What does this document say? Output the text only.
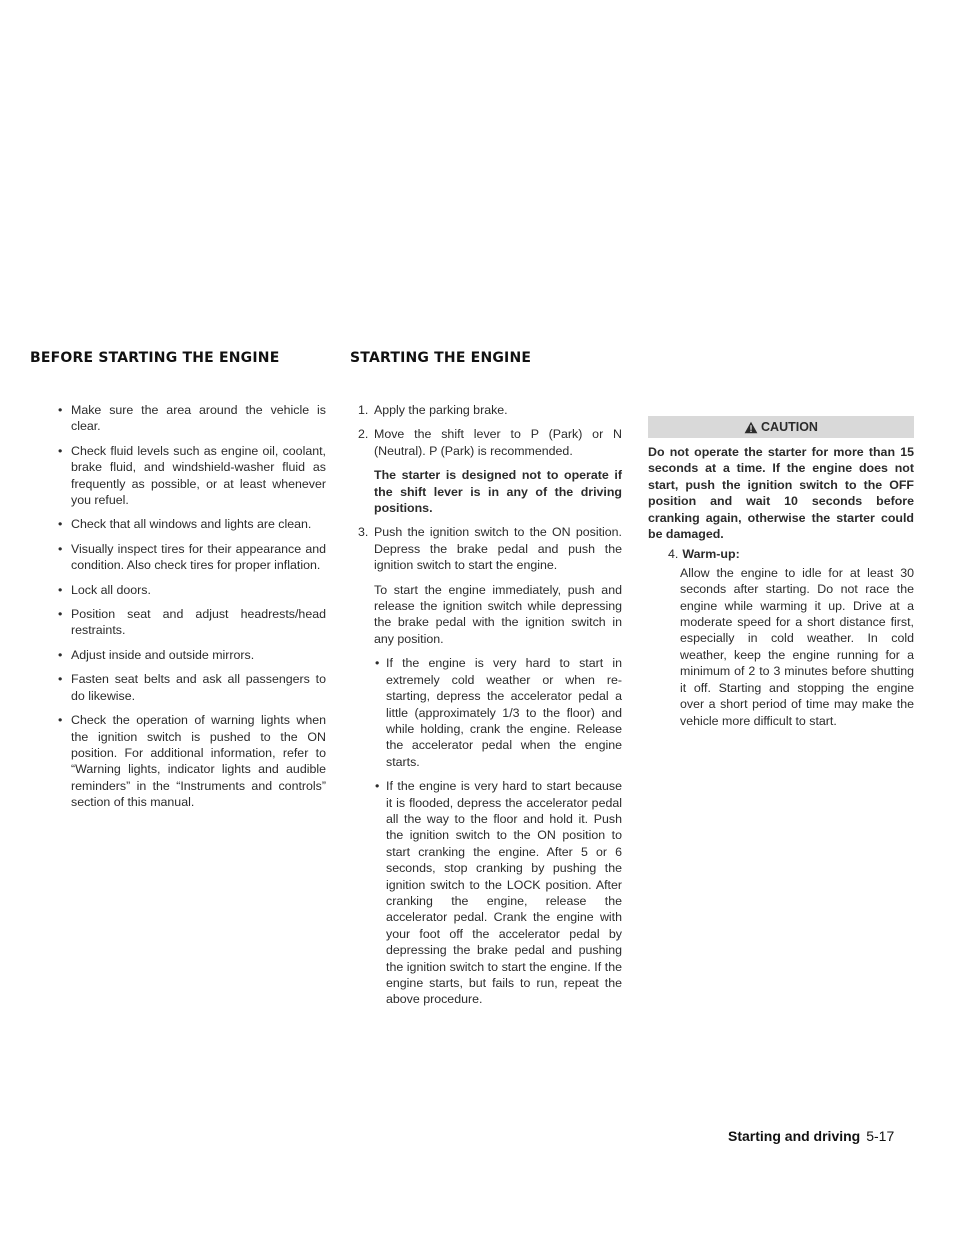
BEFORE STARTING THE ENGINE	STARTING THE ENGINE
• Make sure the area around the vehicle is clear.
• Check fluid levels such as engine oil, coolant, brake fluid, and windshield-washer fluid as frequently as possible, or at least whenever you refuel.
• Check that all windows and lights are clean.
• Visually inspect tires for their appearance and condition. Also check tires for proper inflation.
• Lock all doors.
• Position seat and adjust headrests/head restraints.
• Adjust inside and outside mirrors.
• Fasten seat belts and ask all passengers to do likewise.
• Check the operation of warning lights when the ignition switch is pushed to the ON position. For additional information, refer to “Warning lights, indicator lights and audible reminders” in the “Instruments and controls” section of this manual.
1. Apply the parking brake.
2. Move the shift lever to P (Park) or N (Neutral). P (Park) is recommended.
The starter is designed not to operate if the shift lever is in any of the driving positions.
3. Push the ignition switch to the ON position. Depress the brake pedal and push the ignition switch to start the engine.
To start the engine immediately, push and release the ignition switch while depressing the brake pedal with the ignition switch in any position.
• If the engine is very hard to start in extremely cold weather or when re-starting, depress the accelerator pedal a little (approximately 1/3 to the floor) and while holding, crank the engine. Release the accelerator pedal when the engine starts.
• If the engine is very hard to start because it is flooded, depress the accelerator pedal all the way to the floor and hold it. Push the ignition switch to the ON position to start cranking the engine. After 5 or 6 seconds, stop cranking by pushing the ignition switch to the LOCK position. After cranking the engine, release the accelerator pedal. Crank the engine with your foot off the accelerator pedal by depressing the brake pedal and pushing the ignition switch to start the engine. If the engine starts, but fails to run, repeat the above procedure.
CAUTION
Do not operate the starter for more than 15 seconds at a time. If the engine does not start, push the ignition switch to the OFF position and wait 10 seconds before cranking again, otherwise the starter could be damaged.
4. Warm-up:
Allow the engine to idle for at least 30 seconds after starting. Do not race the engine while warming it up. Drive at a moderate speed for a short distance first, especially in cold weather. In cold weather, keep the engine running for a minimum of 2 to 3 minutes before shutting it off. Starting and stopping the engine over a short period of time may make the vehicle more difficult to start.
Starting and driving 5-17
